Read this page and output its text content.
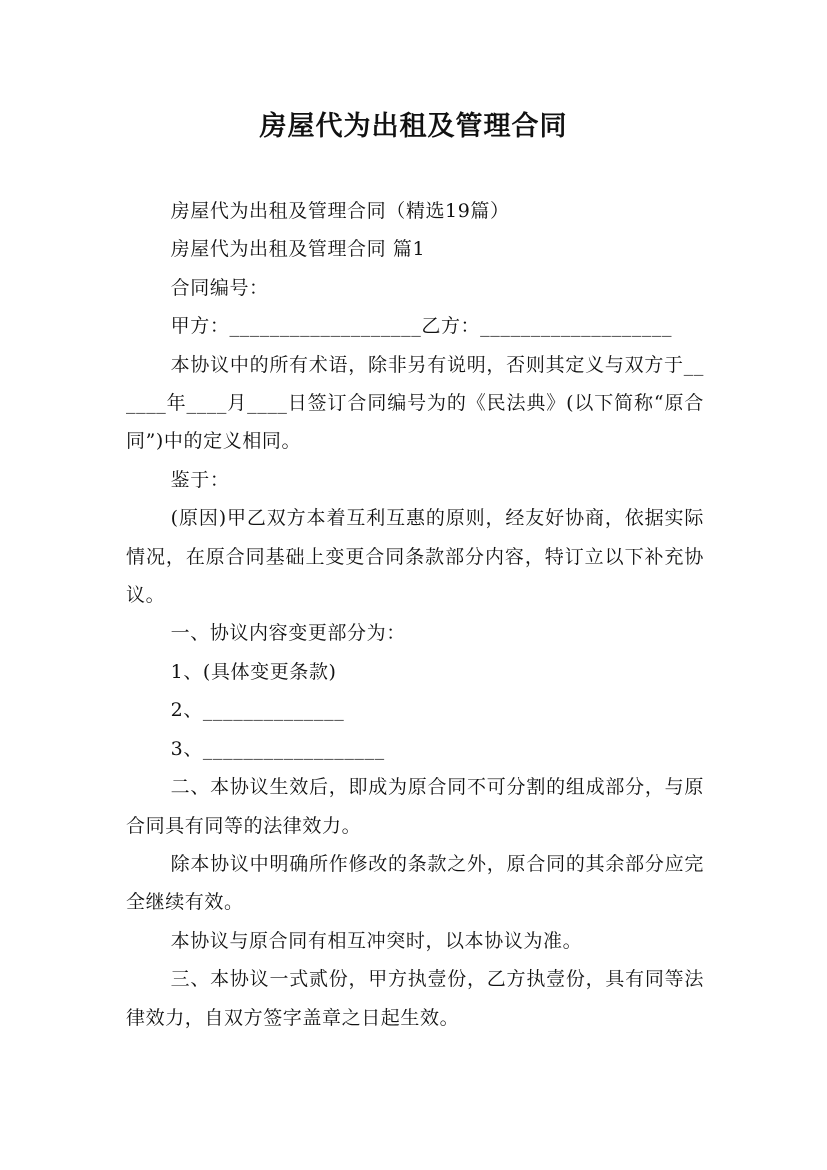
房屋代为出租及管理合同

房屋代为出租及管理合同（精选19篇）

房屋代为出租及管理合同 篇1

合同编号：

甲方：___________________乙方：___________________

本协议中的所有术语，除非另有说明，否则其定义与双方于______年____月____日签订合同编号为的《民法典》(以下简称“原合同”)中的定义相同。

鉴于：

(原因)甲乙双方本着互利互惠的原则，经友好协商，依据实际情况，在原合同基础上变更合同条款部分内容，特订立以下补充协议。

一、协议内容变更部分为：

1、(具体变更条款)

2、______________

3、__________________

二、本协议生效后，即成为原合同不可分割的组成部分，与原合同具有同等的法律效力。

除本协议中明确所作修改的条款之外，原合同的其余部分应完全继续有效。

本协议与原合同有相互冲突时，以本协议为准。

三、本协议一式贰份，甲方执壹份，乙方执壹份，具有同等法律效力，自双方签字盖章之日起生效。
